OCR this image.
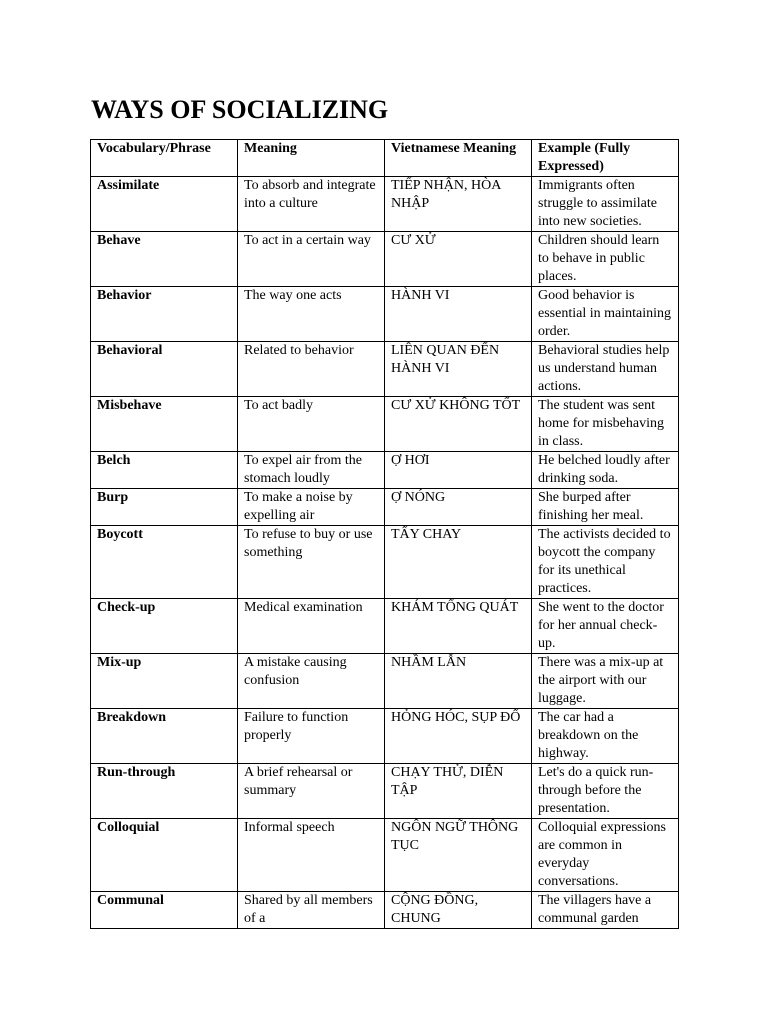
WAYS OF SOCIALIZING
Vocabulary/Phrase	Meaning	Vietnamese Meaning	Example (Fully Expressed)
Assimilate	To absorb and integrate into a culture	TIẾP NHẬN, HÒA NHẬP	Immigrants often struggle to assimilate into new societies.
Behave	To act in a certain way	CƯ XỬ	Children should learn to behave in public places.
Behavior	The way one acts	HÀNH VI	Good behavior is essential in maintaining order.
Behavioral	Related to behavior	LIÊN QUAN ĐẾN HÀNH VI	Behavioral studies help us understand human actions.
Misbehave	To act badly	CƯ XỬ KHÔNG TỐT	The student was sent home for misbehaving in class.
Belch	To expel air from the stomach loudly	Ợ HƠI	He belched loudly after drinking soda.
Burp	To make a noise by expelling air	Ợ NÓNG	She burped after finishing her meal.
Boycott	To refuse to buy or use something	TẨY CHAY	The activists decided to boycott the company for its unethical practices.
Check-up	Medical examination	KHÁM TỔNG QUÁT	She went to the doctor for her annual check-up.
Mix-up	A mistake causing confusion	NHẦM LẪN	There was a mix-up at the airport with our luggage.
Breakdown	Failure to function properly	HỎNG HÓC, SỤP ĐỔ	The car had a breakdown on the highway.
Run-through	A brief rehearsal or summary	CHẠY THỬ, DIỄN TẬP	Let's do a quick run-through before the presentation.
Colloquial	Informal speech	NGÔN NGỮ THÔNG TỤC	Colloquial expressions are common in everyday conversations.
Communal	Shared by all members of a	CỘNG ĐỒNG, CHUNG	The villagers have a communal garden
